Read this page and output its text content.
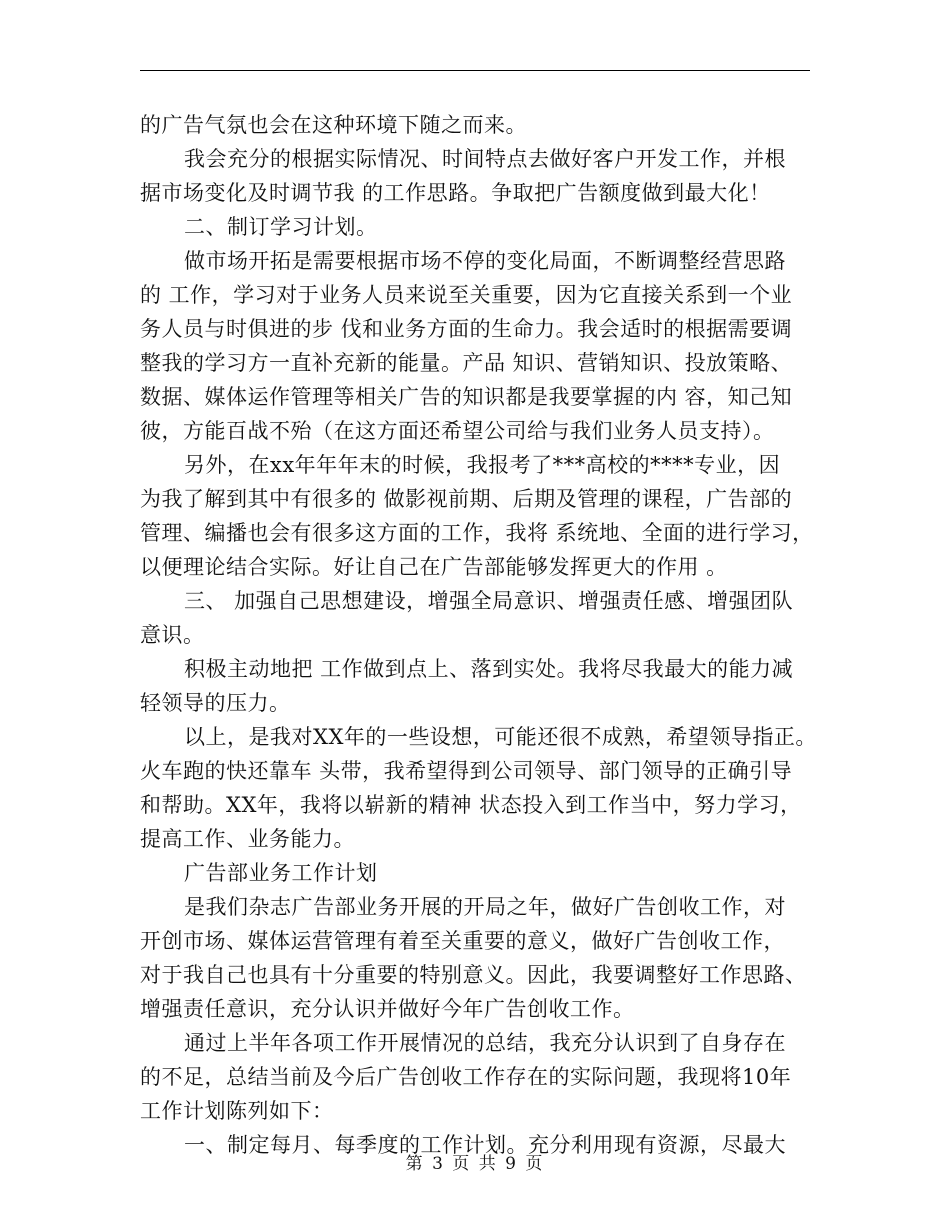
的广告气氛也会在这种环境下随之而来。
我会充分的根据实际情况、时间特点去做好客户开发工作，并根
据市场变化及时调节我 的工作思路。争取把广告额度做到最大化！
二、制订学习计划。
做市场开拓是需要根据市场不停的变化局面，不断调整经营思路
的 工作，学习对于业务人员来说至关重要，因为它直接关系到一个业
务人员与时俱进的步 伐和业务方面的生命力。我会适时的根据需要调
整我的学习方一直补充新的能量。产品 知识、营销知识、投放策略、
数据、媒体运作管理等相关广告的知识都是我要掌握的内 容，知己知
彼，方能百战不殆（在这方面还希望公司给与我们业务人员支持）。
另外，在xx年年年末的时候，我报考了***高校的****专业，因
为我了解到其中有很多的 做影视前期、后期及管理的课程，广告部的
管理、编播也会有很多这方面的工作，我将 系统地、全面的进行学习，
以便理论结合实际。好让自己在广告部能够发挥更大的作用 。
三、 加强自己思想建设，增强全局意识、增强责任感、增强团队
意识。
积极主动地把 工作做到点上、落到实处。我将尽我最大的能力减
轻领导的压力。
以上，是我对XX年的一些设想，可能还很不成熟，希望领导指正。
火车跑的快还靠车 头带，我希望得到公司领导、部门领导的正确引导
和帮助。XX年，我将以崭新的精神 状态投入到工作当中，努力学习，
提高工作、业务能力。
广告部业务工作计划
是我们杂志广告部业务开展的开局之年，做好广告创收工作，对
开创市场、媒体运营管理有着至关重要的意义，做好广告创收工作，
对于我自己也具有十分重要的特别意义。因此，我要调整好工作思路、
增强责任意识，充分认识并做好今年广告创收工作。
通过上半年各项工作开展情况的总结，我充分认识到了自身存在
的不足，总结当前及今后广告创收工作存在的实际问题，我现将10年
工作计划陈列如下：
一、制定每月、每季度的工作计划。充分利用现有资源，尽最大
第 3 页 共 9 页
